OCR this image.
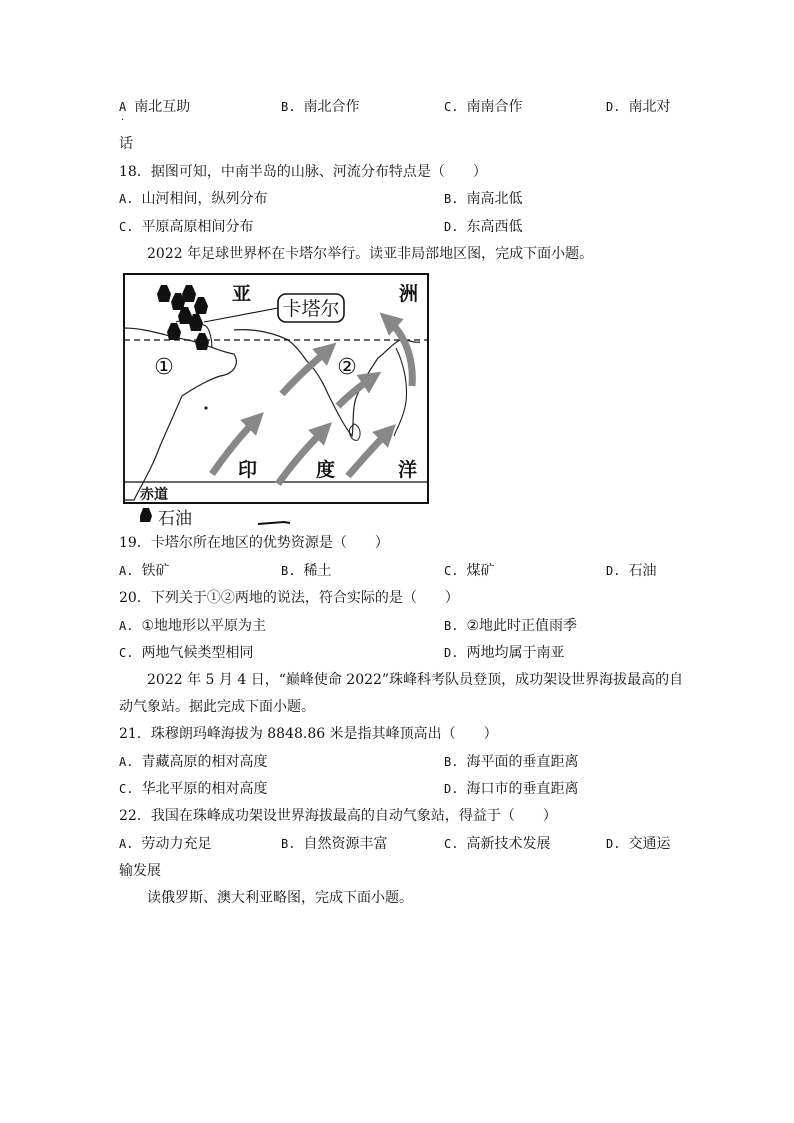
A 南北互助	B. 南北合作	C. 南南合作	D. 南北对
·
话
18．据图可知，中南半岛的山脉、河流分布特点是（　　）
A. 山河相间，纵列分布	B. 南高北低
C. 平原高原相间分布	D. 东高西低
2022 年足球世界杯在卡塔尔举行。读亚非局部地区图，完成下面小题。
卡塔尔
亚	洲
①	②
印	度	洋
赤道
石油
19．卡塔尔所在地区的优势资源是（　　）
A. 铁矿	B. 稀土	C. 煤矿	D. 石油
20．下列关于①②两地的说法，符合实际的是（　　）
A. ①地地形以平原为主	B. ②地此时正值雨季
C. 两地气候类型相同	D. 两地均属于南亚
2022 年 5 月 4 日，“巅峰使命 2022”珠峰科考队员登顶，成功架设世界海拔最高的自
动气象站。据此完成下面小题。
21．珠穆朗玛峰海拔为 8848.86 米是指其峰顶高出（　　）
A. 青藏高原的相对高度	B. 海平面的垂直距离
C. 华北平原的相对高度	D. 海口市的垂直距离
22．我国在珠峰成功架设世界海拔最高的自动气象站，得益于（　　）
A. 劳动力充足	B. 自然资源丰富	C. 高新技术发展	D. 交通运
输发展
读俄罗斯、澳大利亚略图，完成下面小题。
